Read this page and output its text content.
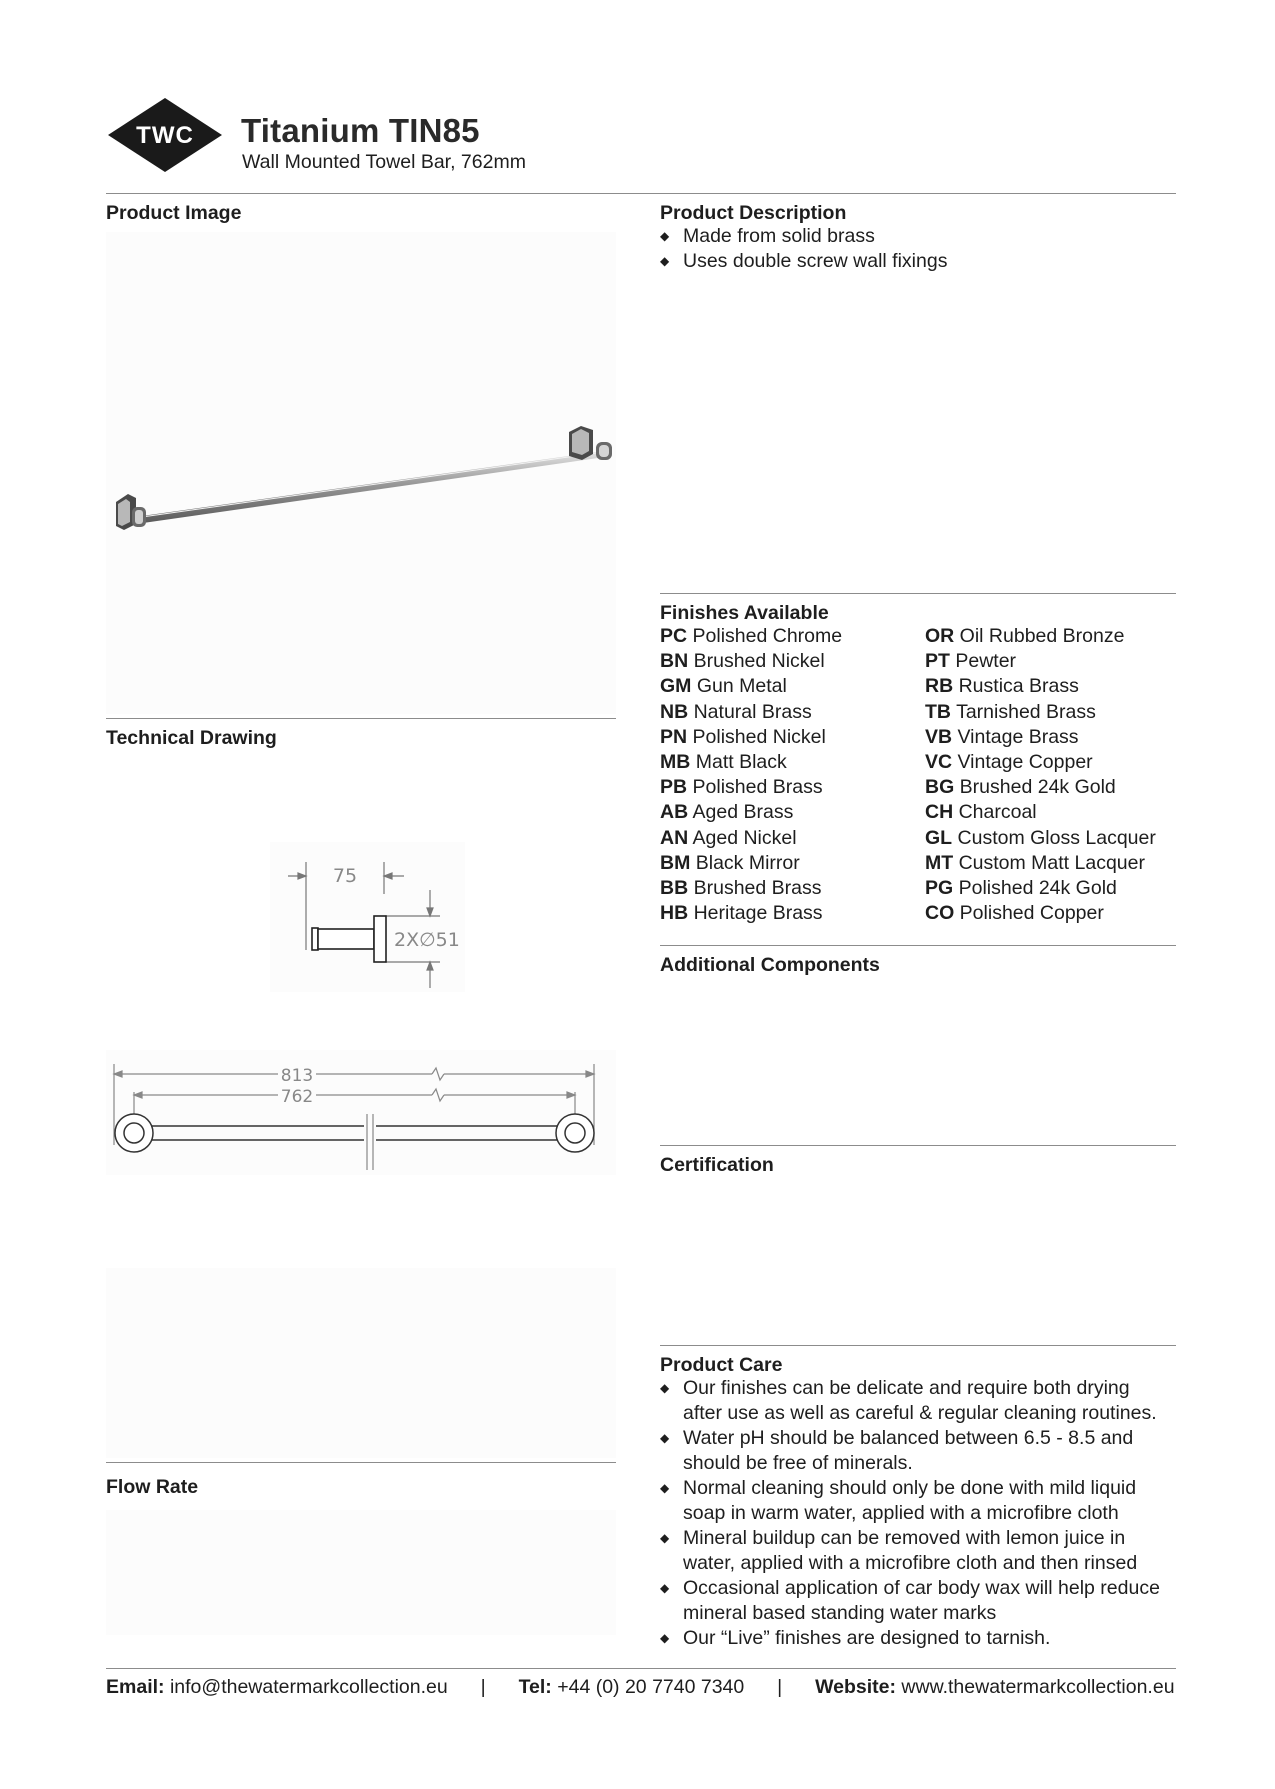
TWC Titanium TIN85
Wall Mounted Towel Bar, 762mm
Product Image
Technical Drawing
75
2X∅51
813
762
Flow Rate
Product Description
◆ Made from solid brass
◆ Uses double screw wall fixings
Finishes Available
PC Polished Chrome
BN Brushed Nickel
GM Gun Metal
NB Natural Brass
PN Polished Nickel
MB Matt Black
PB Polished Brass
AB Aged Brass
AN Aged Nickel
BM Black Mirror
BB Brushed Brass
HB Heritage Brass
OR Oil Rubbed Bronze
PT Pewter
RB Rustica Brass
TB Tarnished Brass
VB Vintage Brass
VC Vintage Copper
BG Brushed 24k Gold
CH Charcoal
GL Custom Gloss Lacquer
MT Custom Matt Lacquer
PG Polished 24k Gold
CO Polished Copper
Additional Components
Certification
Product Care
◆ Our finishes can be delicate and require both drying
after use as well as careful & regular cleaning routines.
◆ Water pH should be balanced between 6.5 - 8.5 and
should be free of minerals.
◆ Normal cleaning should only be done with mild liquid
soap in warm water, applied with a microfibre cloth
◆ Mineral buildup can be removed with lemon juice in
water, applied with a microfibre cloth and then rinsed
◆ Occasional application of car body wax will help reduce
mineral based standing water marks
◆ Our “Live” finishes are designed to tarnish.
Email: info@thewatermarkcollection.eu | Tel: +44 (0) 20 7740 7340 | Website: www.thewatermarkcollection.eu
